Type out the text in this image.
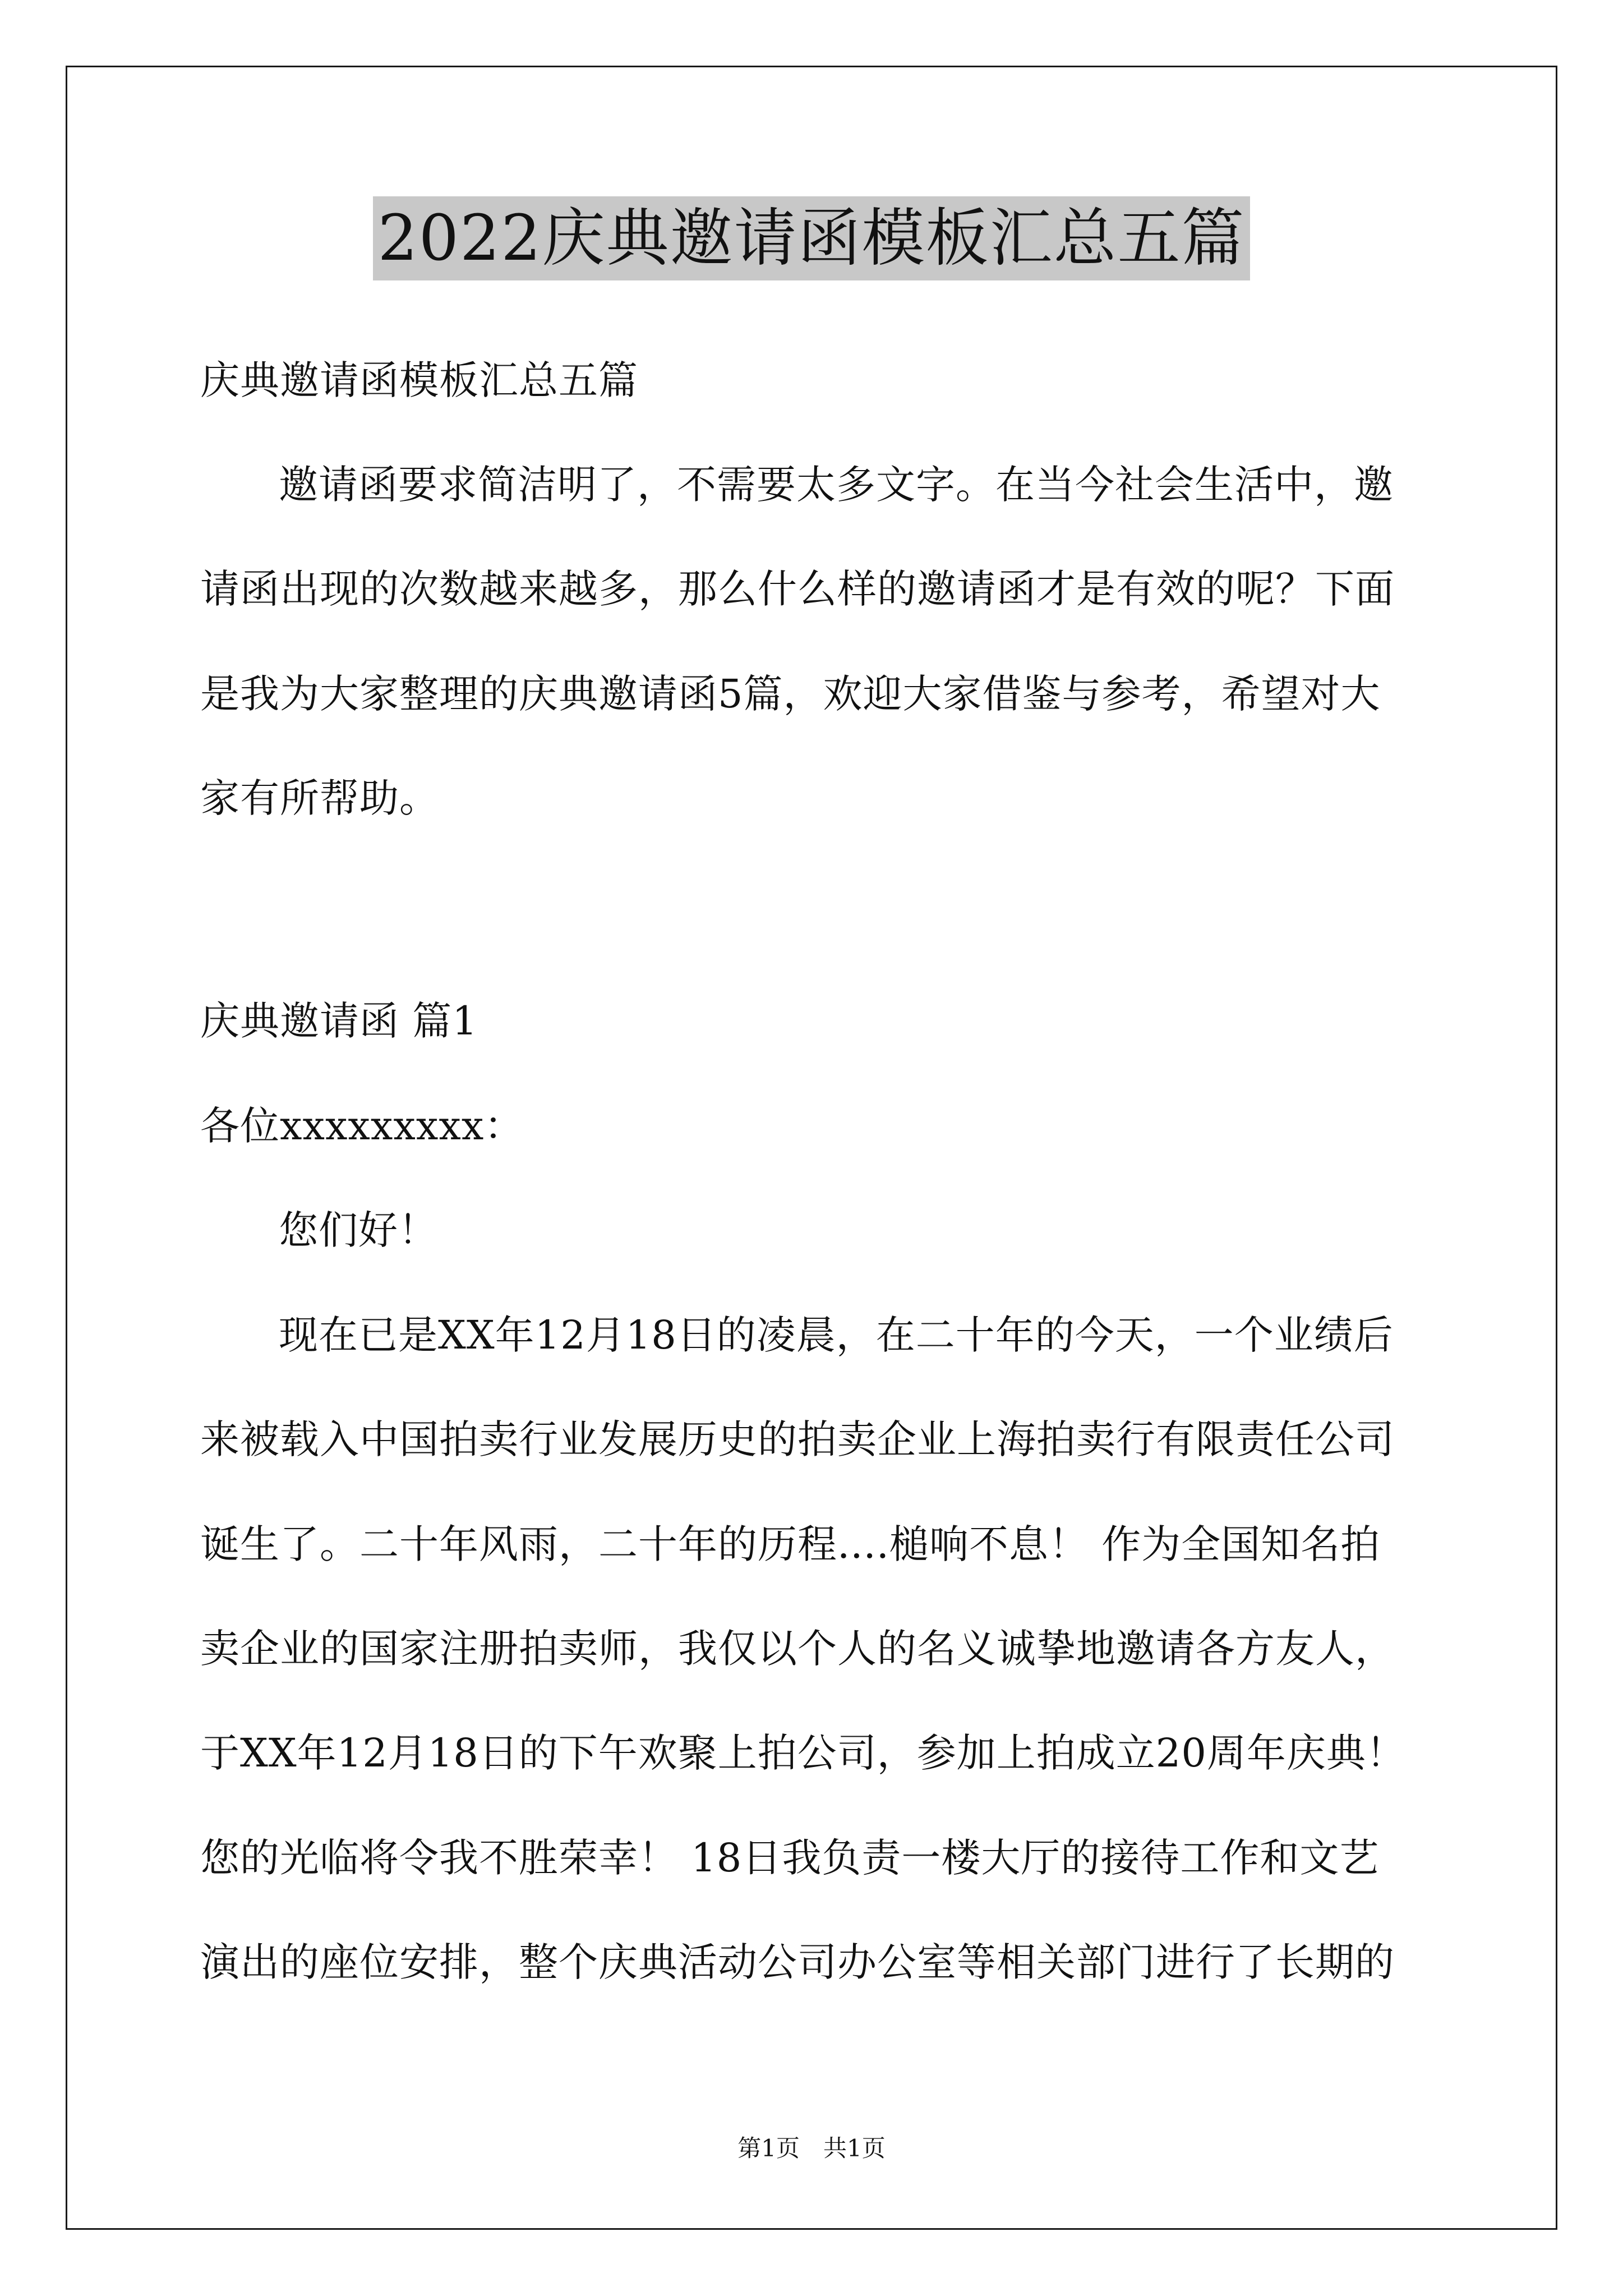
2022庆典邀请函模板汇总五篇
庆典邀请函模板汇总五篇
邀请函要求简洁明了，不需要太多文字。在当今社会生活中，邀
请函出现的次数越来越多，那么什么样的邀请函才是有效的呢？下面
是我为大家整理的庆典邀请函5篇，欢迎大家借鉴与参考，希望对大
家有所帮助。
庆典邀请函 篇1
各位xxxxxxxxx：
您们好！
现在已是XX年12月18日的凌晨，在二十年的今天，一个业绩后
来被载入中国拍卖行业发展历史的拍卖企业上海拍卖行有限责任公司
诞生了。二十年风雨，二十年的历程....槌响不息！ 作为全国知名拍
卖企业的国家注册拍卖师，我仅以个人的名义诚挚地邀请各方友人，
于XX年12月18日的下午欢聚上拍公司，参加上拍成立20周年庆典！
您的光临将令我不胜荣幸！ 18日我负责一楼大厅的接待工作和文艺
演出的座位安排，整个庆典活动公司办公室等相关部门进行了长期的
第1页　共1页
